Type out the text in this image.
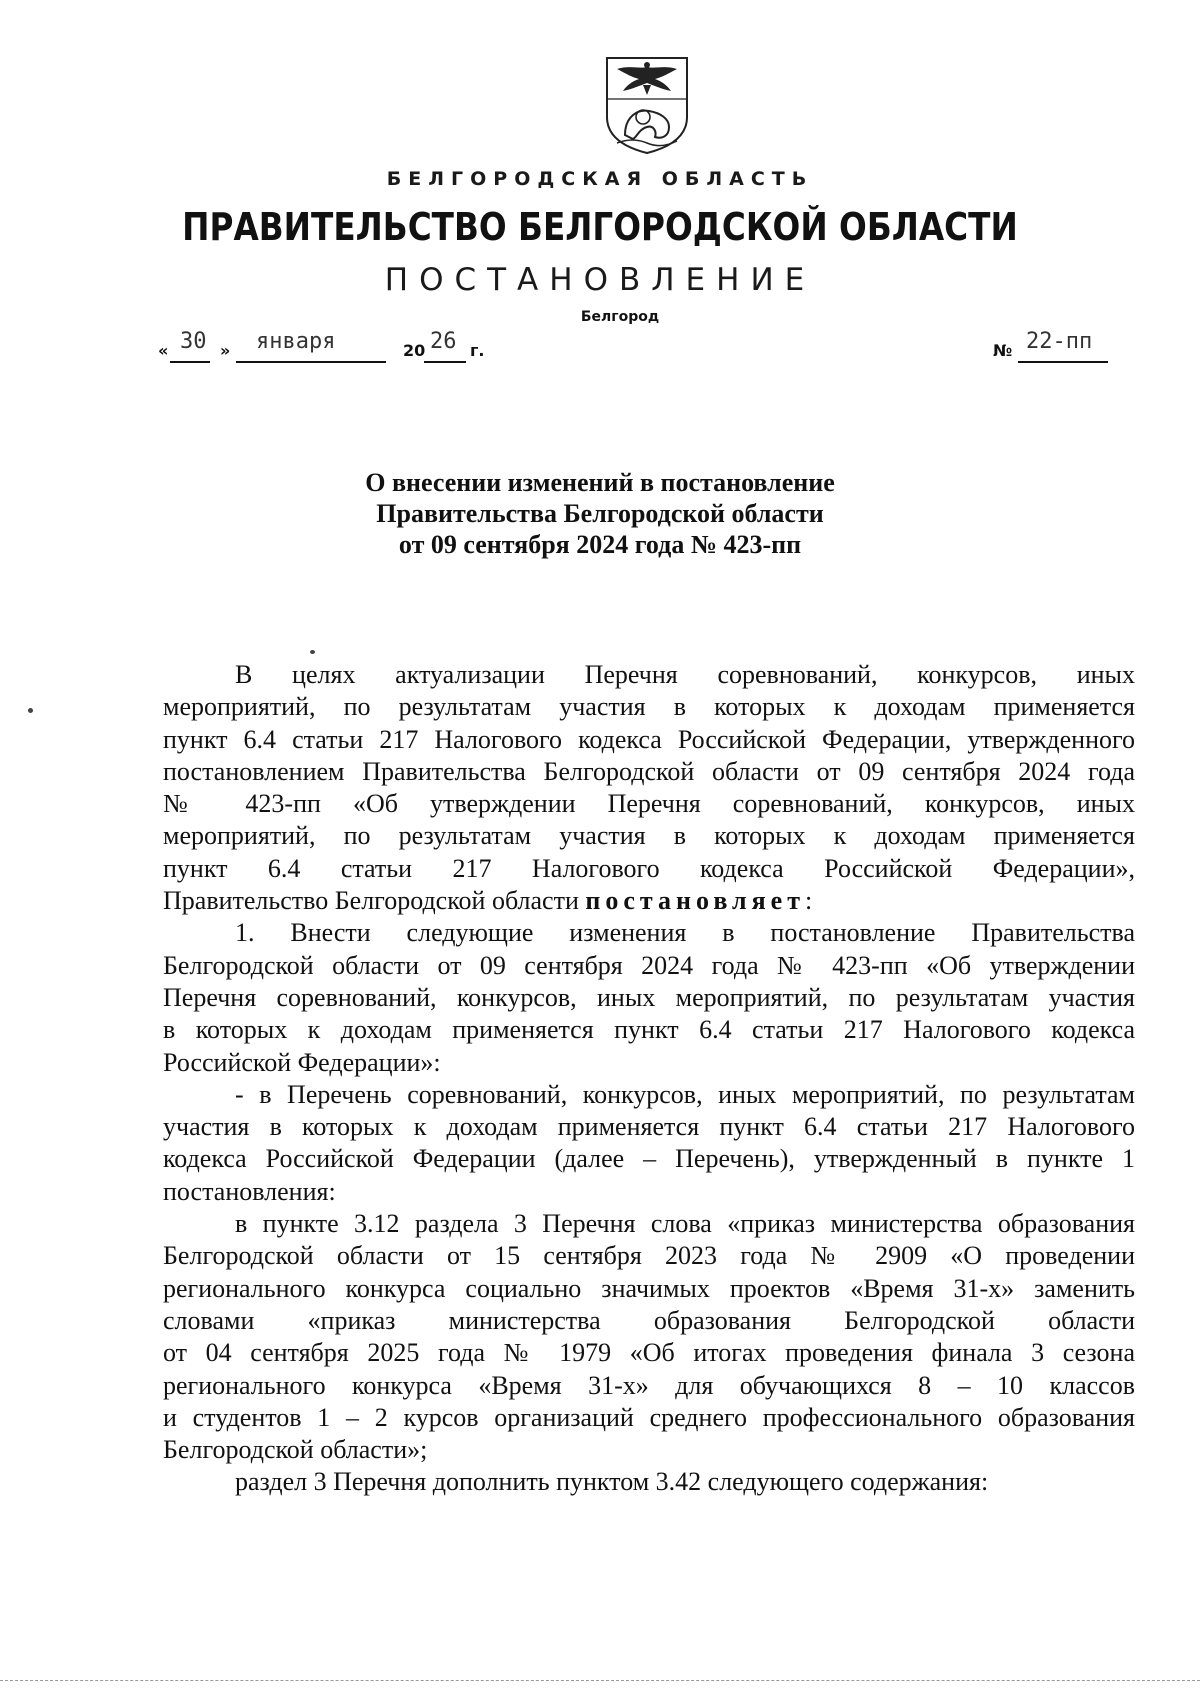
БЕЛГОРОДСКАЯ ОБЛАСТЬ
ПРАВИТЕЛЬСТВО БЕЛГОРОДСКОЙ ОБЛАСТИ
ПОСТАНОВЛЕНИЕ
Белгород
« 30 » января	20 26 г.	№ 22-пп
О внесении изменений в постановление
Правительства Белгородской области
от 09 сентября 2024 года № 423-пп
В целях актуализации Перечня соревнований, конкурсов, иных
мероприятий, по результатам участия в которых к доходам применяется
пункт 6.4 статьи 217 Налогового кодекса Российской Федерации, утвержденного
постановлением Правительства Белгородской области от 09 сентября 2024 года
№ 423-пп «Об утверждении Перечня соревнований, конкурсов, иных
мероприятий, по результатам участия в которых к доходам применяется
пункт 6.4 статьи 217 Налогового кодекса Российской Федерации»,
Правительство Белгородской области постановляет:
1. Внести следующие изменения в постановление Правительства
Белгородской области от 09 сентября 2024 года № 423-пп «Об утверждении
Перечня соревнований, конкурсов, иных мероприятий, по результатам участия
в которых к доходам применяется пункт 6.4 статьи 217 Налогового кодекса
Российской Федерации»:
- в Перечень соревнований, конкурсов, иных мероприятий, по результатам
участия в которых к доходам применяется пункт 6.4 статьи 217 Налогового
кодекса Российской Федерации (далее – Перечень), утвержденный в пункте 1
постановления:
в пункте 3.12 раздела 3 Перечня слова «приказ министерства образования
Белгородской области от 15 сентября 2023 года № 2909 «О проведении
регионального конкурса социально значимых проектов «Время 31-х» заменить
словами «приказ министерства образования Белгородской области
от 04 сентября 2025 года № 1979 «Об итогах проведения финала 3 сезона
регионального конкурса «Время 31-х» для обучающихся 8 – 10 классов
и студентов 1 – 2 курсов организаций среднего профессионального образования
Белгородской области»;
раздел 3 Перечня дополнить пунктом 3.42 следующего содержания:
